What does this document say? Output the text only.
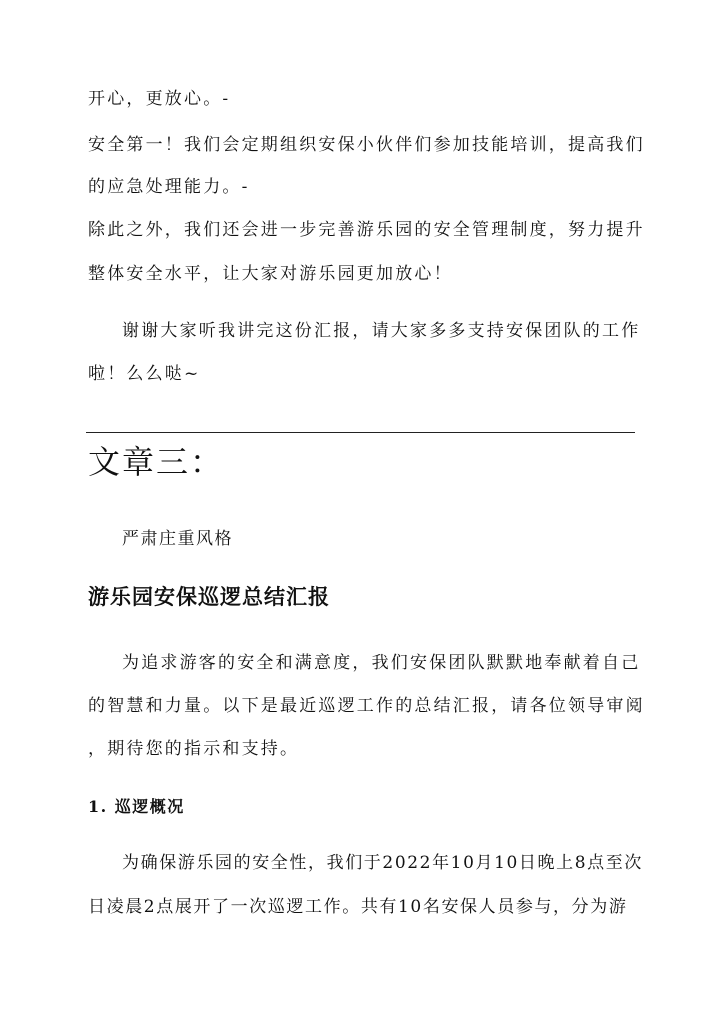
开心，更放心。-
安全第一！我们会定期组织安保小伙伴们参加技能培训，提高我们
的应急处理能力。-
除此之外，我们还会进一步完善游乐园的安全管理制度，努力提升
整体安全水平，让大家对游乐园更加放心！
谢谢大家听我讲完这份汇报，请大家多多支持安保团队的工作
啦！么么哒~
文章三：
严肃庄重风格
游乐园安保巡逻总结汇报
为追求游客的安全和满意度，我们安保团队默默地奉献着自己
的智慧和力量。以下是最近巡逻工作的总结汇报，请各位领导审阅
，期待您的指示和支持。
1. 巡逻概况
为确保游乐园的安全性，我们于2022年10月10日晚上8点至次
日凌晨2点展开了一次巡逻工作。共有10名安保人员参与，分为游
